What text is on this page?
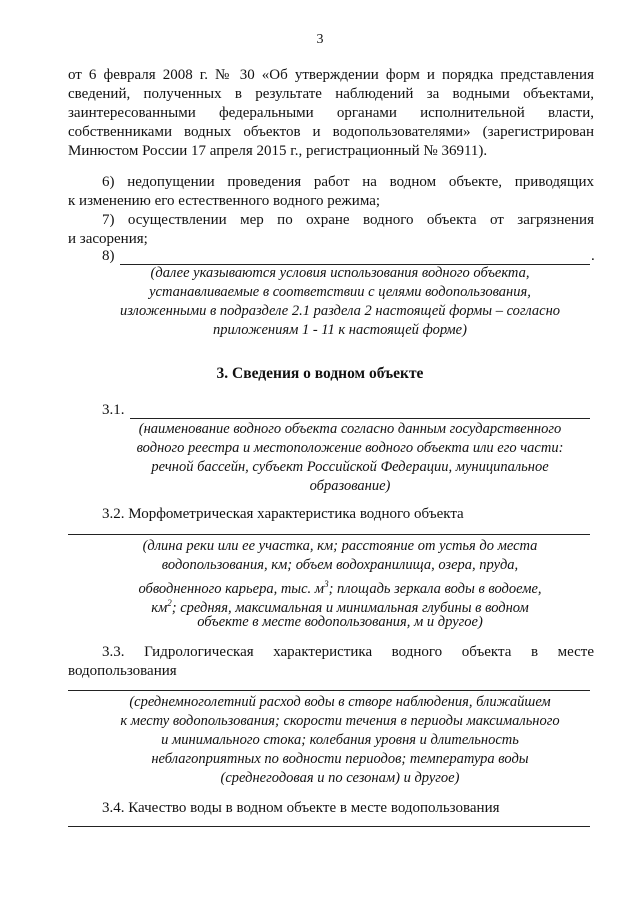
3
от 6 февраля 2008 г. № 30 «Об утверждении форм и порядка представления
сведений, полученных в результате наблюдений за водными объектами,
заинтересованными федеральными органами исполнительной власти,
собственниками водных объектов и водопользователями» (зарегистрирован
Минюстом России 17 апреля 2015 г., регистрационный № 36911).
6) недопущении проведения работ на водном объекте, приводящих
к изменению его естественного водного режима;
7) осуществлении мер по охране водного объекта от загрязнения
и засорения;
8)	.
(далее указываются условия использования водного объекта,
устанавливаемые в соответствии с целями водопользования,
изложенными в подразделе 2.1 раздела 2 настоящей формы – согласно
приложениям 1 - 11 к настоящей форме)
3. Сведения о водном объекте
3.1.
(наименование водного объекта согласно данным государственного
водного реестра и местоположение водного объекта или его части:
речной бассейн, субъект Российской Федерации, муниципальное
образование)
3.2. Морфометрическая характеристика водного объекта
(длина реки или ее участка, км; расстояние от устья до места
водопользования, км; объем водохранилища, озера, пруда,
обводненного карьера, тыс. $м^3$; площадь зеркала воды в водоеме,
$км^2$; средняя, максимальная и минимальная глубины в водном
объекте в месте водопользования, м и другое)
3.3. Гидрологическая характеристика водного объекта в месте
водопользования
(среднемноголетний расход воды в створе наблюдения, ближайшем
к месту водопользования; скорости течения в периоды максимального
и минимального стока; колебания уровня и длительность
неблагоприятных по водности периодов; температура воды
(среднегодовая и по сезонам) и другое)
3.4. Качество воды в водном объекте в месте водопользования
